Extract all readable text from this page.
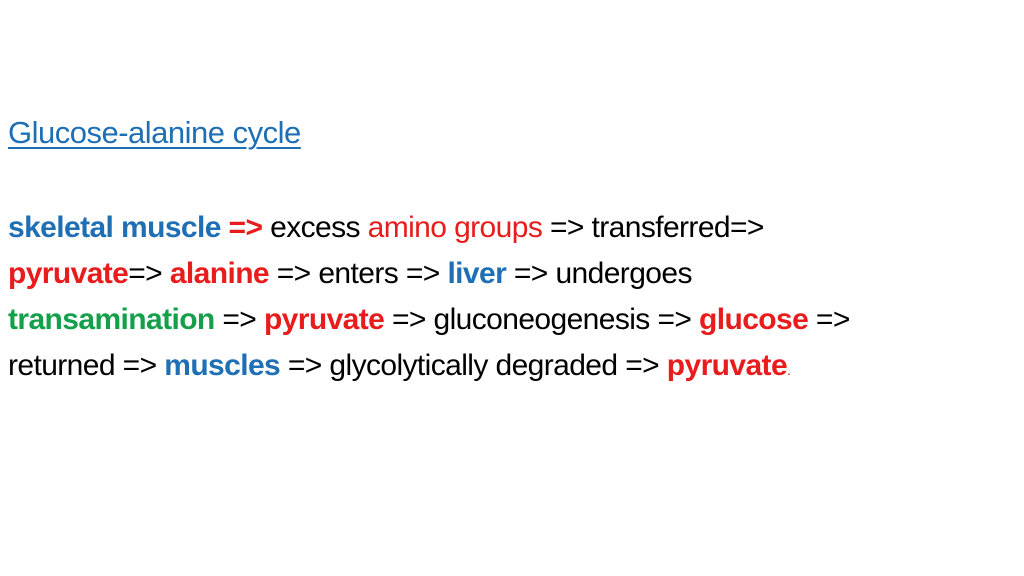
Glucose-alanine cycle
skeletal muscle => excess amino groups => transferred=>
pyruvate=> alanine => enters => liver => undergoes
transamination => pyruvate => gluconeogenesis => glucose =>
returned => muscles => glycolytically degraded => pyruvate.
